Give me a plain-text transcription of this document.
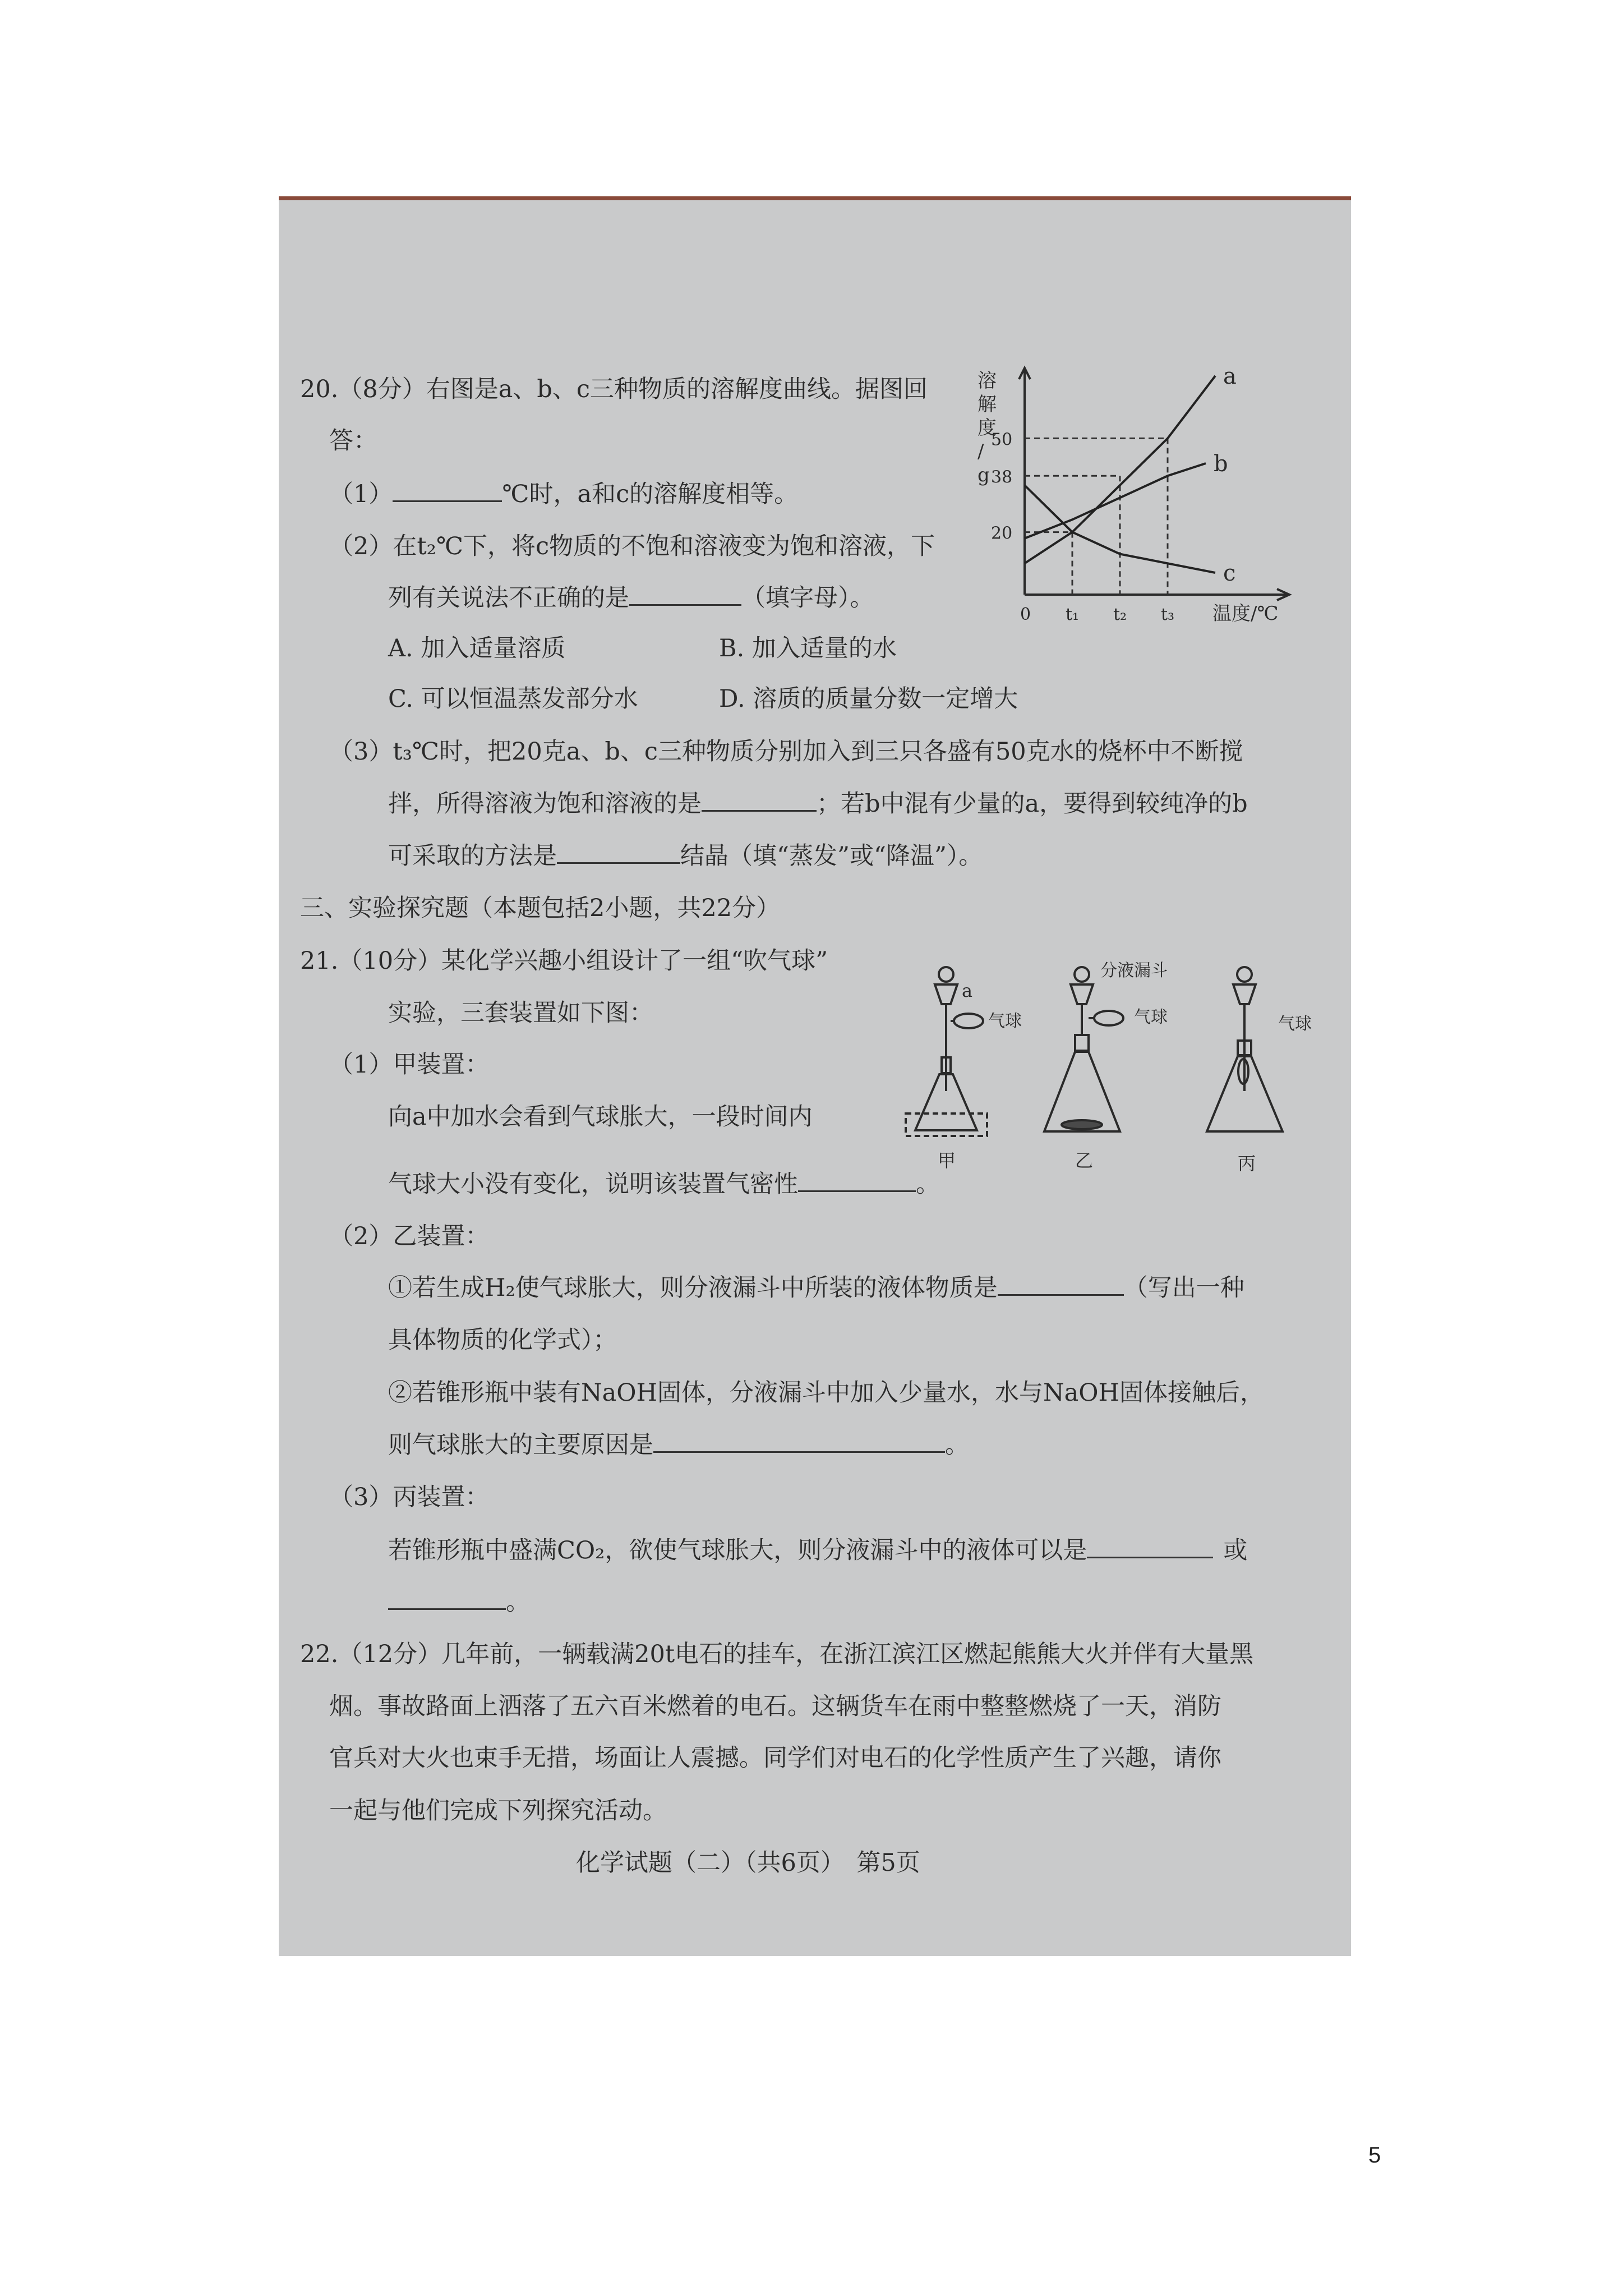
20.（8分）右图是a、b、c三种物质的溶解度曲线。据图回
答：
（1）	℃时，a和c的溶解度相等。
（2）在t₂℃下，将c物质的不饱和溶液变为饱和溶液，下
列有关说法不正确的是	（填字母）。
A. 加入适量溶质	B. 加入适量的水
C. 可以恒温蒸发部分水	D. 溶质的质量分数一定增大
（3）t₃℃时，把20克a、b、c三种物质分别加入到三只各盛有50克水的烧杯中不断搅
拌，所得溶液为饱和溶液的是	；若b中混有少量的a，要得到较纯净的b
可采取的方法是	结晶（填“蒸发”或“降温”）。
a
b
c
20
38
50
t₁ t₂ t₃
0
溶解度/ g
温度/℃
三、实验探究题（本题包括2小题，共22分）
21.（10分）某化学兴趣小组设计了一组“吹气球”
实验，三套装置如下图：
（1）甲装置：
向a中加水会看到气球胀大，一段时间内
气球大小没有变化，说明该装置气密性	。
（2）乙装置：
①若生成H₂使气球胀大，则分液漏斗中所装的液体物质是	（写出一种
具体物质的化学式）；
②若锥形瓶中装有NaOH固体，分液漏斗中加入少量水，水与NaOH固体接触后，
则气球胀大的主要原因是	。
（3）丙装置：
若锥形瓶中盛满CO₂，欲使气球胀大，则分液漏斗中的液体可以是	或
。
a
气球
甲
分液漏斗
气球
乙
气球
丙
22.（12分）几年前，一辆载满20t电石的挂车，在浙江滨江区燃起熊熊大火并伴有大量黑
烟。事故路面上洒落了五六百米燃着的电石。这辆货车在雨中整整燃烧了一天，消防
官兵对大火也束手无措，场面让人震撼。同学们对电石的化学性质产生了兴趣，请你
一起与他们完成下列探究活动。
化学试题（二）（共6页）　第5页
5
